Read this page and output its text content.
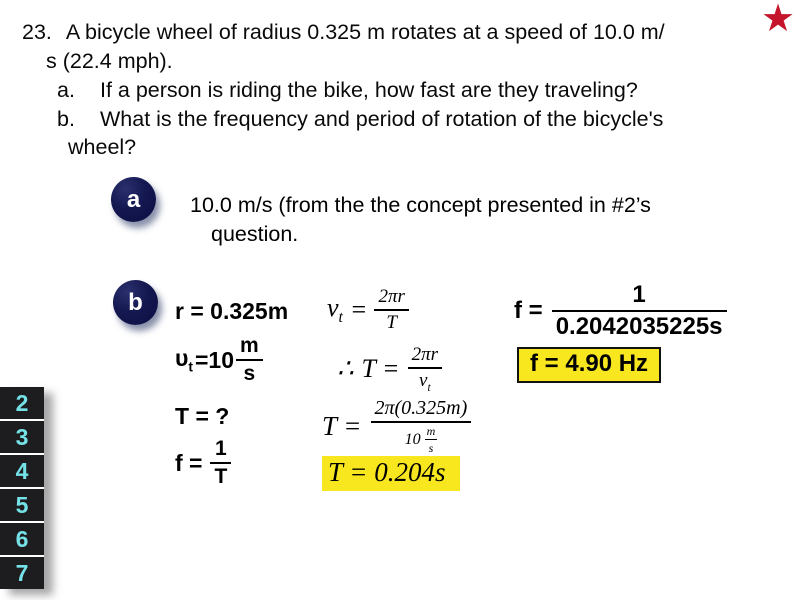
★
23. A bicycle wheel of radius 0.325 m rotates at a speed of 10.0 m/
s (22.4 mph).
a. If a person is riding the bike, how fast are they traveling?
b. What is the frequency and period of rotation of the bicycle's
wheel?
a	10.0 m/s (from the the concept presented in #2’s
question.
b	r = 0.325m
$\upsilon_t =10 \frac{m}{s}$
T = ?
$f = \frac{1}{T}$
$v_t = \frac{2\pi r}{T}$
∴ $T = \frac{2\pi r}{v_t}$
$T = \frac{2\pi(0.325m)}{10 \frac{m}{s}}$
T = 0.204s
$f = \frac{1}{0.2042035225s}$
f = 4.90 Hz
2
3
4
5
6
7
